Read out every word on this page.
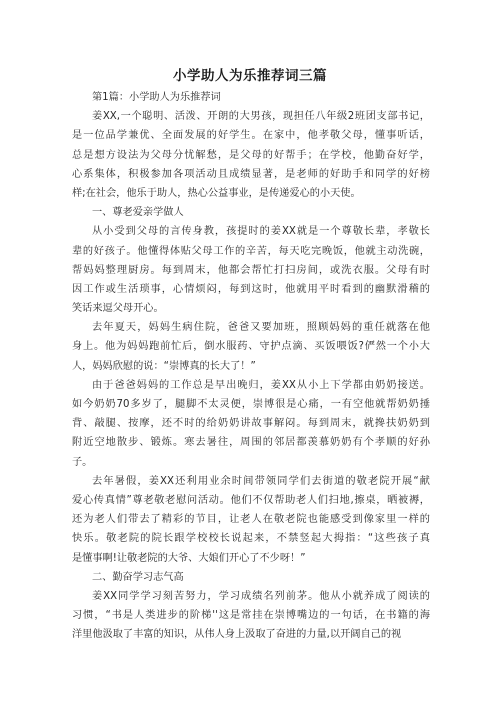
小学助人为乐推荐词三篇
第1篇：小学助人为乐推荐词
姜XX,一个聪明、活泼、开朗的大男孩，现担任八年级2班团支部书记，
是一位品学兼优、全面发展的好学生。在家中，他孝敬父母，懂事听话，
总是想方设法为父母分忧解愁，是父母的好帮手；在学校，他勤奋好学，
心系集体，积极参加各项活动且成绩显著，是老师的好助手和同学的好榜
样;在社会，他乐于助人，热心公益事业，是传递爱心的小天使。
一、尊老爱亲学做人
从小受到父母的言传身教，孩提时的姜XX就是一个尊敬长辈，孝敬长
辈的好孩子。他懂得体贴父母工作的辛苦，每天吃完晚饭，他就主动洗碗，
帮妈妈整理厨房。每到周末，他都会帮忙打扫房间，或洗衣服。父母有时
因工作或生活琐事，心情烦闷，每到这时，他就用平时看到的幽默滑稽的
笑话来逗父母开心。
去年夏天，妈妈生病住院，爸爸又要加班，照顾妈妈的重任就落在他
身上。他为妈妈跑前忙后，倒水服药、守护点滴、买饭喂饭?俨然一个小大
人，妈妈欣慰的说：“崇博真的长大了！”
由于爸爸妈妈的工作总是早出晚归，姜XX从小上下学都由奶奶接送。
如今奶奶70多岁了，腿脚不太灵便，崇博很是心痛，一有空他就帮奶奶捶
背、敲腿、按摩，还不时的给奶奶讲故事解闷。每到周末，就搀扶奶奶到
附近空地散步、锻炼。寒去暑往，周围的邻居都羡慕奶奶有个孝顺的好孙
子。
去年暑假，姜XX还利用业余时间带领同学们去街道的敬老院开展“献
爱心传真情”尊老敬老慰问活动。他们不仅帮助老人们扫地,擦桌，晒被褥，
还为老人们带去了精彩的节目，让老人在敬老院也能感受到像家里一样的
快乐。敬老院的院长跟学校校长说起来，不禁竖起大拇指：“这些孩子真
是懂事啊!让敬老院的大爷、大娘们开心了不少呀！”
二、勤奋学习志气高
姜XX同学学习刻苦努力，学习成绩名列前茅。他从小就养成了阅读的
习惯，“书是人类进步的阶梯''这是常挂在崇博嘴边的一句话，在书籍的海
洋里他汲取了丰富的知识，从伟人身上汲取了奋进的力量,以开阔自己的视
